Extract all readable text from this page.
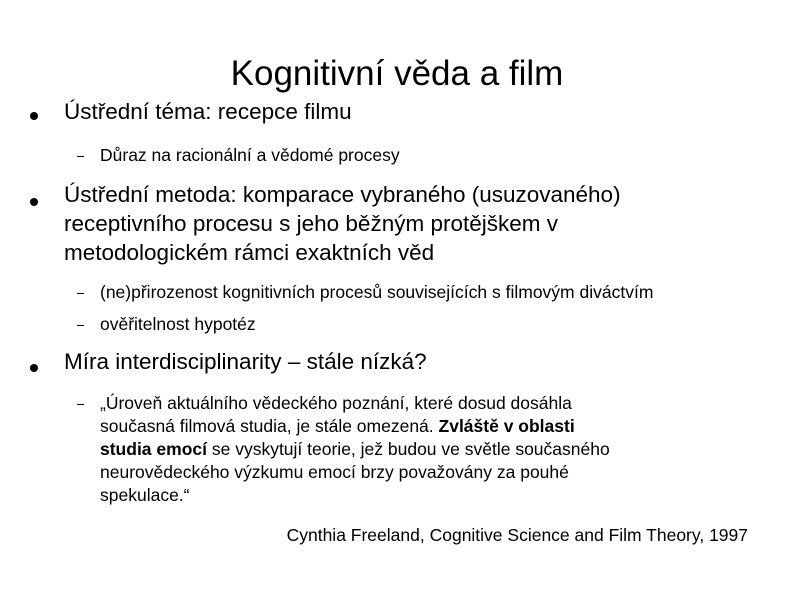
Kognitivní věda a film
Ústřední téma: recepce filmu
Důraz na racionální a vědomé procesy
Ústřední metoda: komparace vybraného (usuzovaného)
receptivního procesu s jeho běžným protějškem v
metodologickém rámci exaktních věd
(ne)přirozenost kognitivních procesů souvisejících s filmovým diváctvím
ověřitelnost hypotéz
Míra interdisciplinarity – stále nízká?
„Úroveň aktuálního vědeckého poznání, které dosud dosáhla
současná filmová studia, je stále omezená. Zvláště v oblasti
studia emocí se vyskytují teorie, jež budou ve světle současného
neurovědeckého výzkumu emocí brzy považovány za pouhé
spekulace.“
Cynthia Freeland, Cognitive Science and Film Theory, 1997
